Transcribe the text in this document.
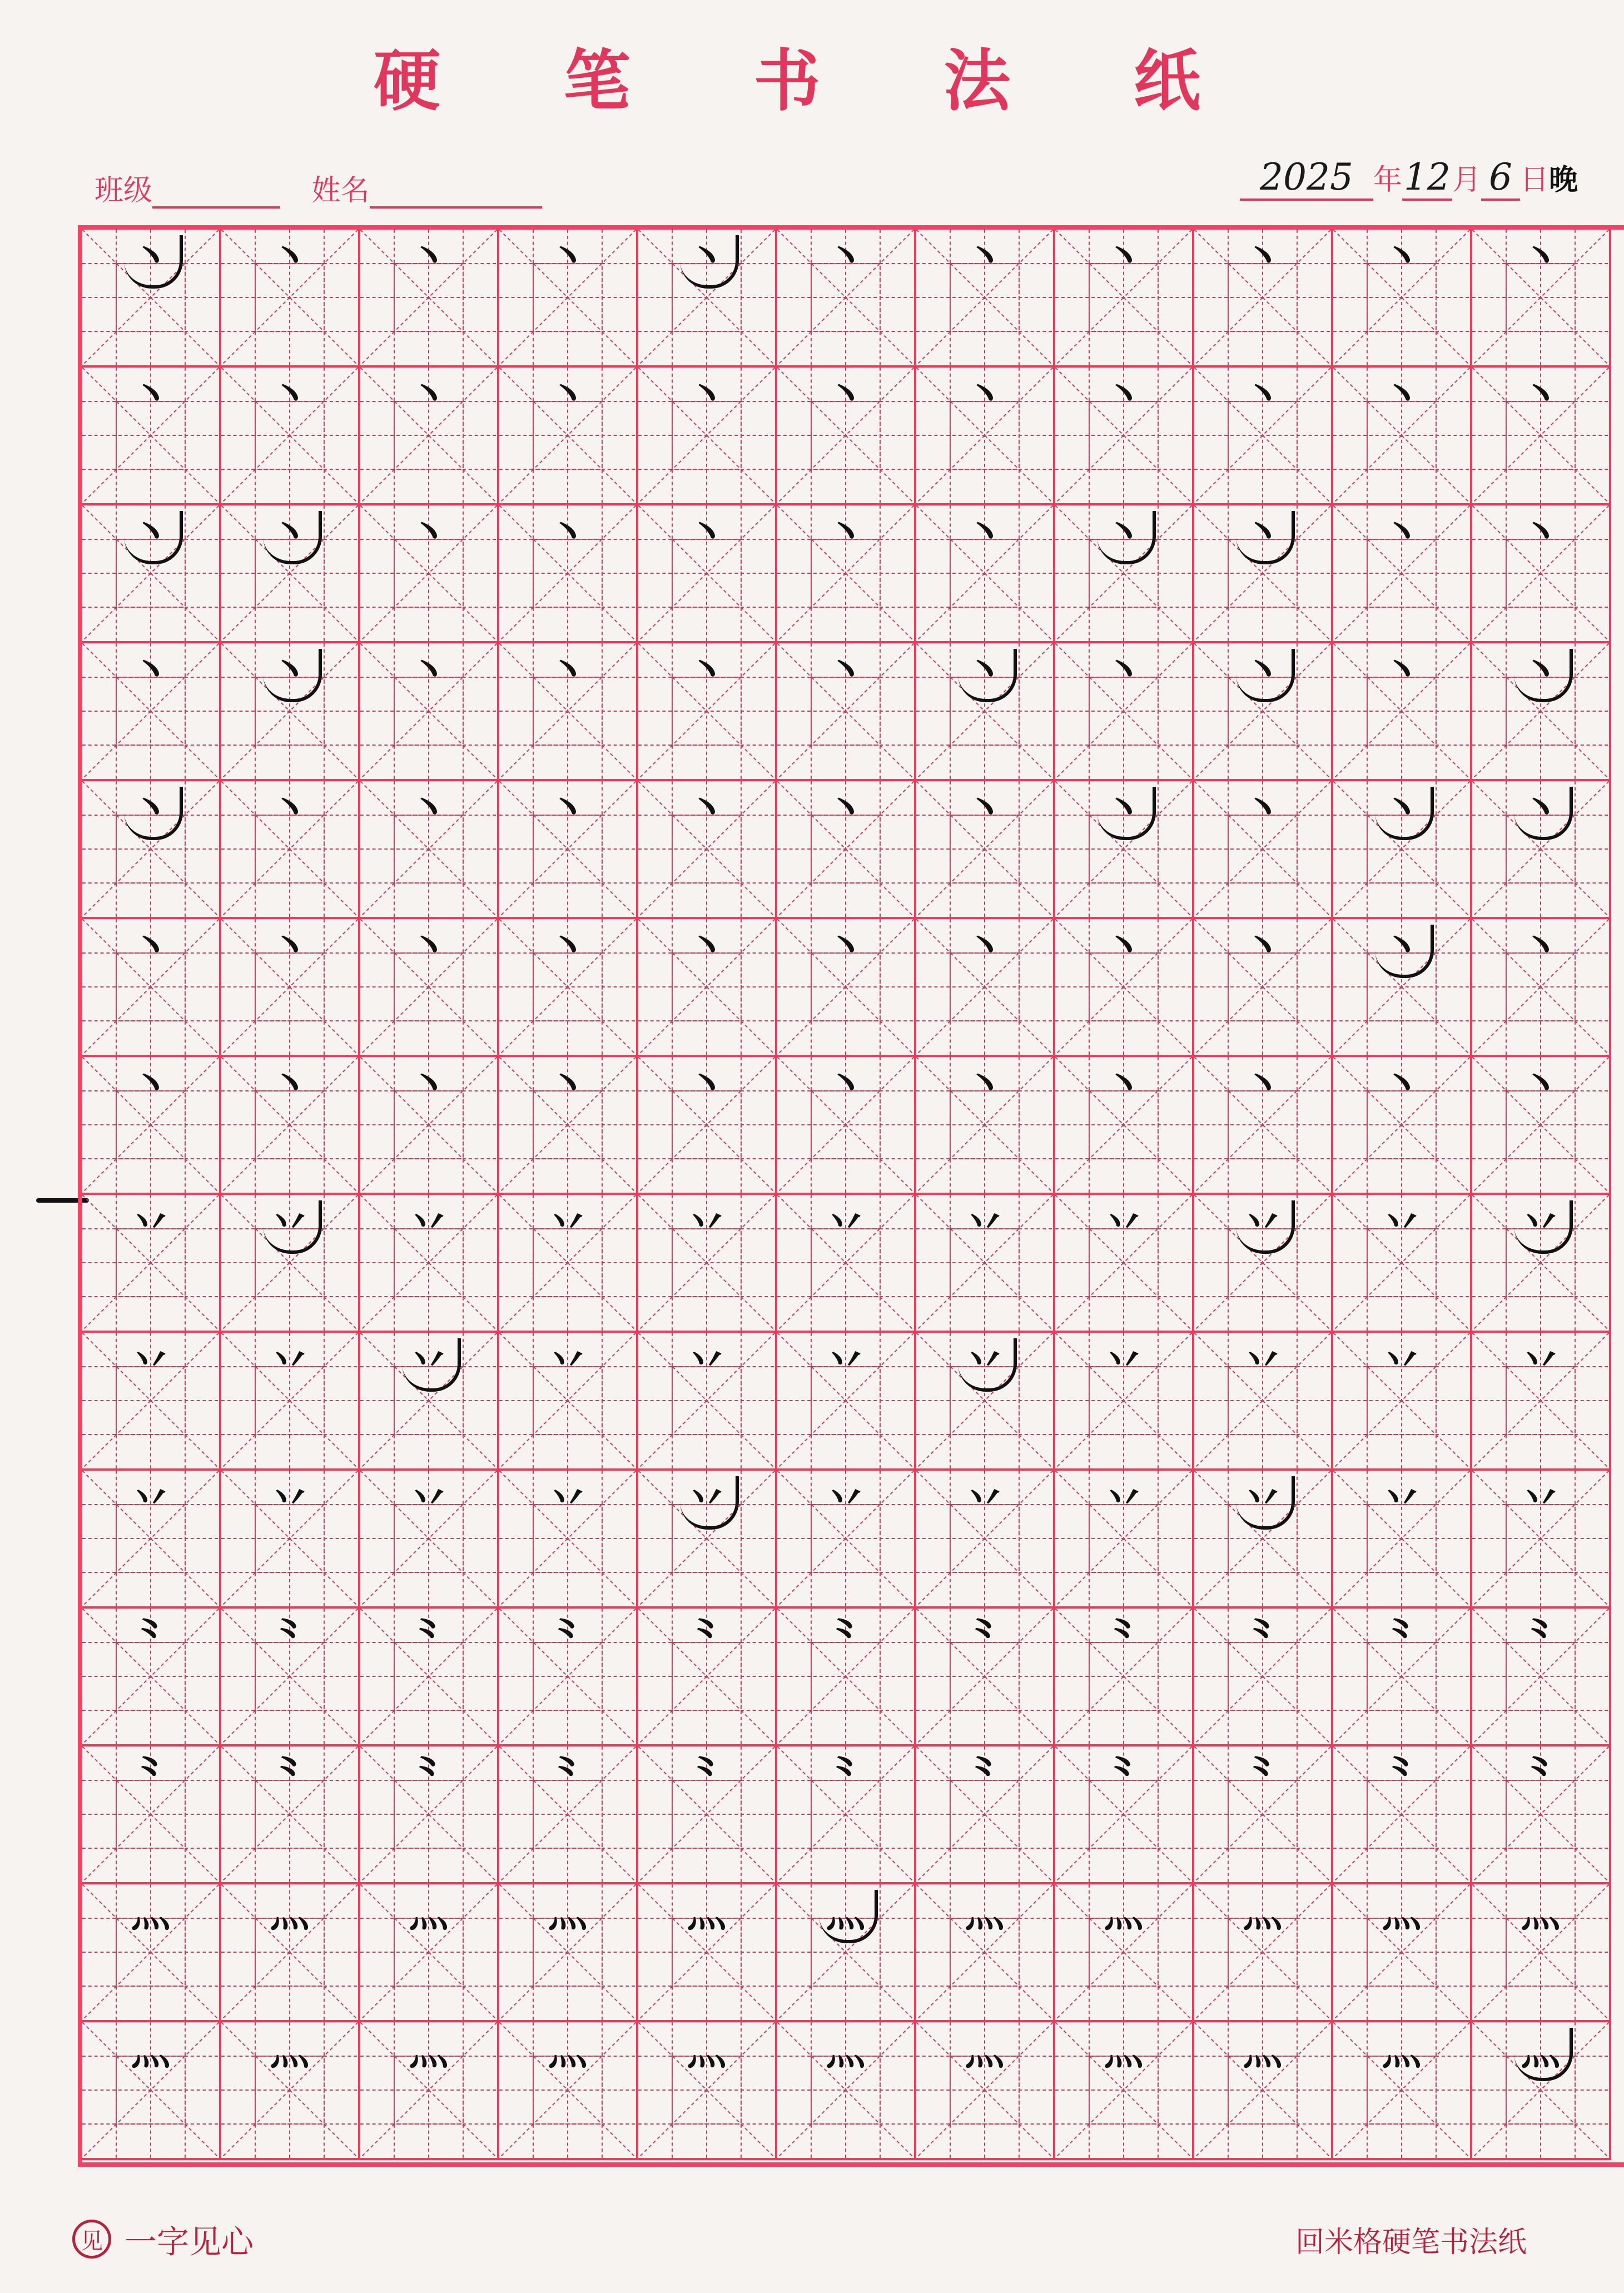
硬 笔 书 法 纸
班级	姓名	2025 年12月 6 日晚
丶	丶	丶	丶	丶	丶	丶	丶	丶	丶	丶
丶	丶	丶	丶	丶	丶	丶	丶	丶	丶	丶
丶	丶	丶	丶	丶	丶	丶	丶	丶	丶	丶
丶	丶	丶	丶	丶	丶	丶	丶	丶	丶	丶
丶	丶	丶	丶	丶	丶	丶	丶	丶	丶	丶
丶	丶	丶	丶	丶	丶	丶	丶	丶	丶	丶
丶	丶	丶	丶	丶	丶	丶	丶	丶	丶	丶
丷	丷	丷	丷	丷	丷	丷	丷	丷	丷	丷
丷	丷	丷	丷	丷	丷	丷	丷	丷	丷	丷
丷	丷	丷	丷	丷	丷	丷	丷	丷	丷	丷
⺀	⺀	⺀	⺀	⺀	⺀	⺀	⺀	⺀	⺀	⺀
⺀	⺀	⺀	⺀	⺀	⺀	⺀	⺀	⺀	⺀	⺀
灬	灬	灬	灬	灬	灬	灬	灬	灬	灬	灬
灬	灬	灬	灬	灬	灬	灬	灬	灬	灬	灬
见 一字见心	回米格硬笔书法纸
